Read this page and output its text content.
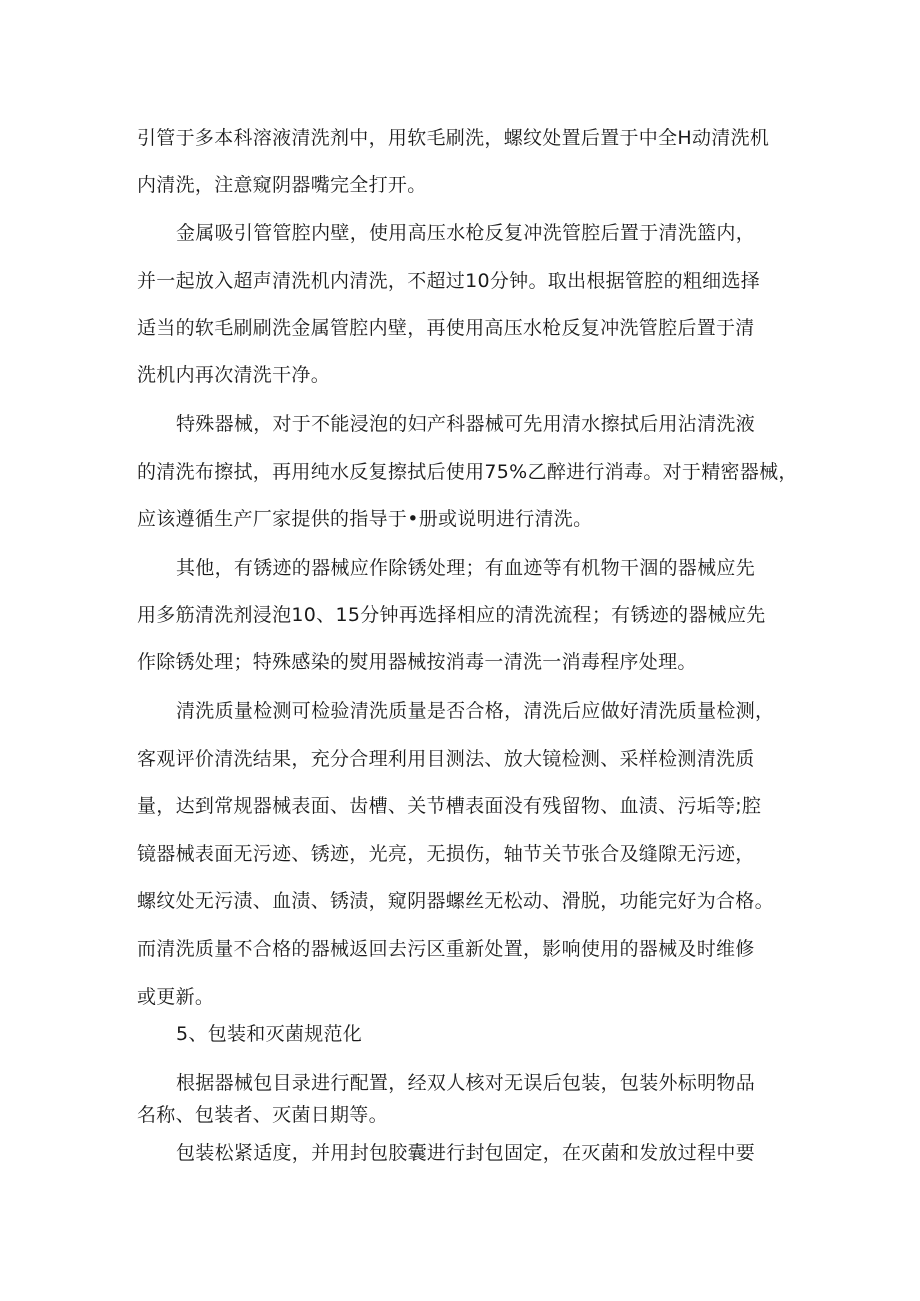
引管于多本科溶液清洗剂中，用软毛刷洗，螺纹处置后置于中全H动清洗机
内清洗，注意窥阴器嘴完全打开。
金属吸引管管腔内壁，使用高压水枪反复冲洗管腔后置于清洗篮内，
并一起放入超声清洗机内清洗，不超过10分钟。取出根据管腔的粗细选择
适当的软毛刷刷洗金属管腔内壁，再使用高压水枪反复冲洗管腔后置于清
洗机内再次清洗干净。
特殊器械，对于不能浸泡的妇产科器械可先用清水擦拭后用沾清洗液
的清洗布擦拭，再用纯水反复擦拭后使用75%乙醉进行消毒。对于精密器械，
应该遵循生产厂家提供的指导于•册或说明进行清洗。
其他，有锈迹的器械应作除锈处理；有血迹等有机物干涸的器械应先
用多筋清洗剂浸泡10、15分钟再选择相应的清洗流程；有锈迹的器械应先
作除锈处理；特殊感染的熨用器械按消毒一清洗一消毒程序处理。
清洗质量检测可检验清洗质量是否合格，清洗后应做好清洗质量检测，
客观评价清洗结果，充分合理利用目测法、放大镜检测、采样检测清洗质
量，达到常规器械表面、齿槽、关节槽表面没有残留物、血渍、污垢等;腔
镜器械表面无污迹、锈迹，光亮，无损伤，轴节关节张合及缝隙无污迹，
螺纹处无污渍、血渍、锈渍，窥阴器螺丝无松动、滑脱，功能完好为合格。
而清洗质量不合格的器械返回去污区重新处置，影响使用的器械及时维修
或更新。
5、包装和灭菌规范化
根据器械包目录进行配置，经双人核对无误后包装，包装外标明物品
名称、包装者、灭菌日期等。
包装松紧适度，并用封包胶囊进行封包固定，在灭菌和发放过程中要
